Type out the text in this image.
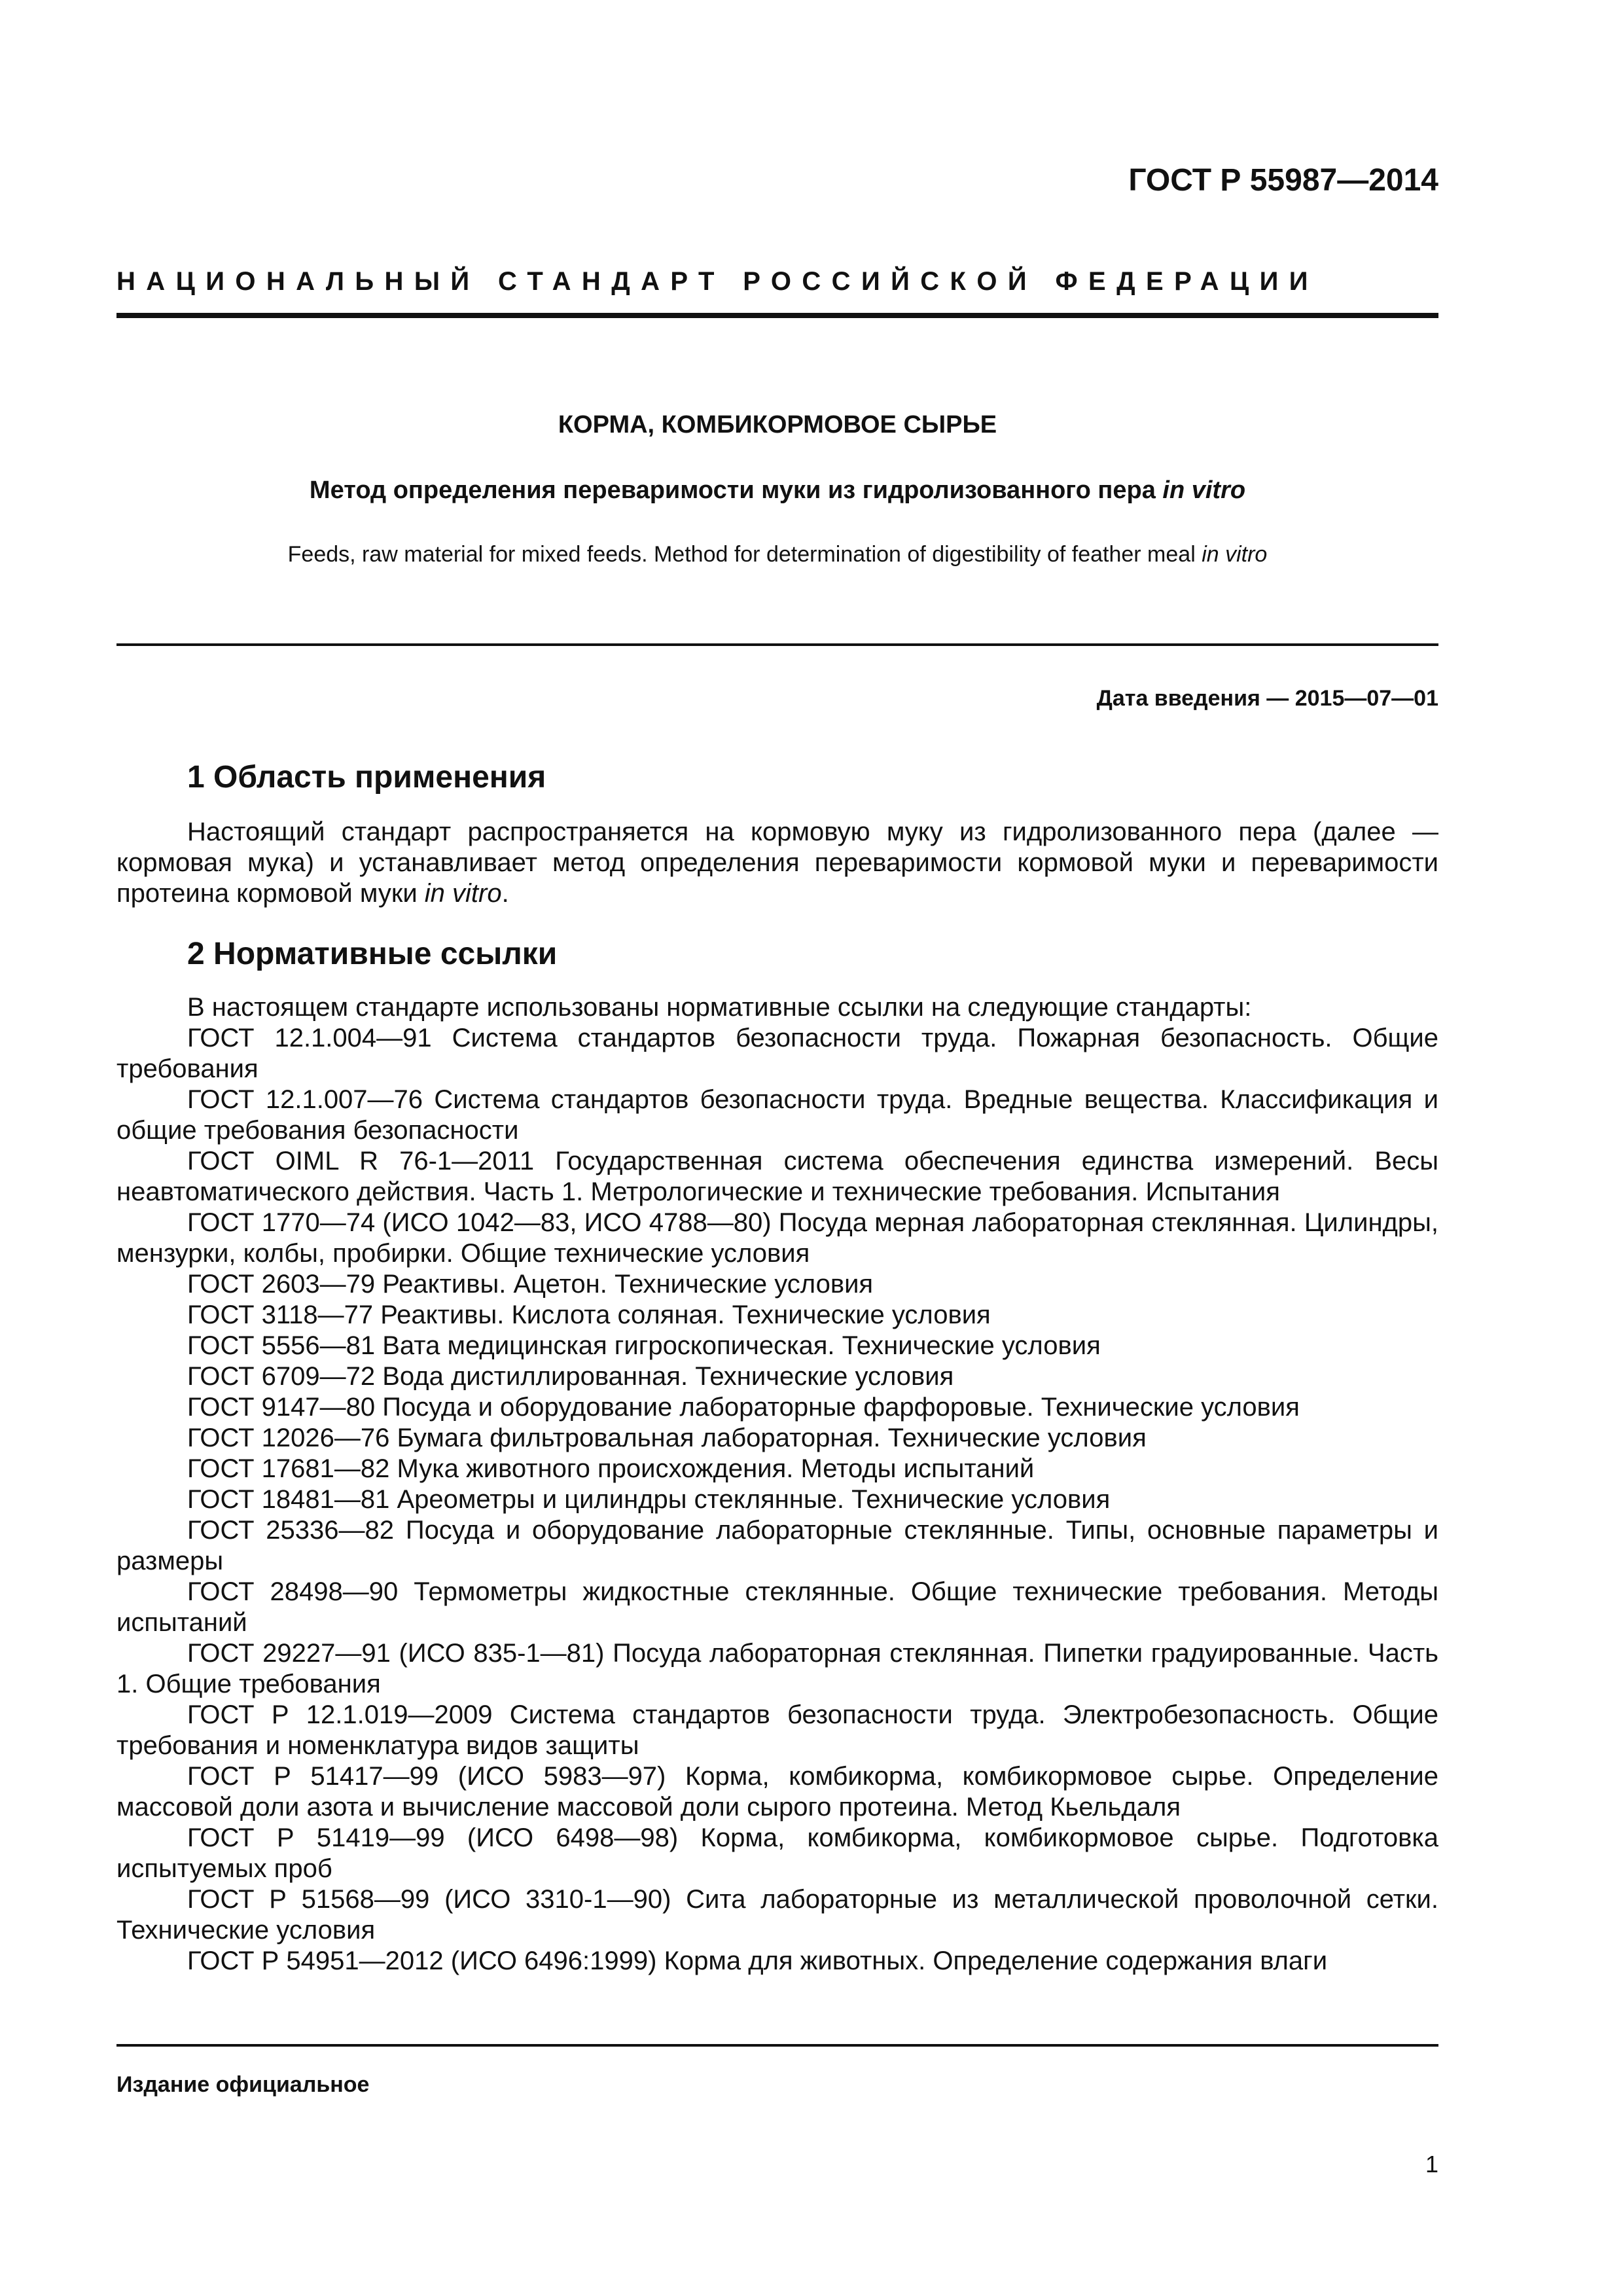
ГОСТ Р 55987—2014
НАЦИОНАЛЬНЫЙ СТАНДАРТ РОССИЙСКОЙ ФЕДЕРАЦИИ
КОРМА, КОМБИКОРМОВОЕ СЫРЬЕ
Метод определения переваримости муки из гидролизованного пера in vitro
Feeds, raw material for mixed feeds. Method for determination of digestibility of feather meal in vitro
Дата введения — 2015—07—01
1 Область применения

Настоящий стандарт распространяется на кормовую муку из гидролизованного пера (далее — кормовая мука) и устанавливает метод определения переваримости кормовой муки и переваримости протеина кормовой муки in vitro.

2 Нормативные ссылки

В настоящем стандарте использованы нормативные ссылки на следующие стандарты:

ГОСТ 12.1.004—91 Система стандартов безопасности труда. Пожарная безопасность. Общие требования

ГОСТ 12.1.007—76 Система стандартов безопасности труда. Вредные вещества. Классификация и общие требования безопасности

ГОСТ OIML R 76-1—2011 Государственная система обеспечения единства измерений. Весы неавтоматического действия. Часть 1. Метрологические и технические требования. Испытания

ГОСТ 1770—74 (ИСО 1042—83, ИСО 4788—80) Посуда мерная лабораторная стеклянная. Цилиндры, мензурки, колбы, пробирки. Общие технические условия

ГОСТ 2603—79 Реактивы. Ацетон. Технические условия

ГОСТ 3118—77 Реактивы. Кислота соляная. Технические условия

ГОСТ 5556—81 Вата медицинская гигроскопическая. Технические условия

ГОСТ 6709—72 Вода дистиллированная. Технические условия

ГОСТ 9147—80 Посуда и оборудование лабораторные фарфоровые. Технические условия

ГОСТ 12026—76 Бумага фильтровальная лабораторная. Технические условия

ГОСТ 17681—82 Мука животного происхождения. Методы испытаний

ГОСТ 18481—81 Ареометры и цилиндры стеклянные. Технические условия

ГОСТ 25336—82 Посуда и оборудование лабораторные стеклянные. Типы, основные параметры и размеры

ГОСТ 28498—90 Термометры жидкостные стеклянные. Общие технические требования. Методы испытаний

ГОСТ 29227—91 (ИСО 835-1—81) Посуда лабораторная стеклянная. Пипетки градуированные. Часть 1. Общие требования

ГОСТ Р 12.1.019—2009 Система стандартов безопасности труда. Электробезопасность. Общие требования и номенклатура видов защиты

ГОСТ Р 51417—99 (ИСО 5983—97) Корма, комбикорма, комбикормовое сырье. Определение массовой доли азота и вычисление массовой доли сырого протеина. Метод Кьельдаля

ГОСТ Р 51419—99 (ИСО 6498—98) Корма, комбикорма, комбикормовое сырье. Подготовка испытуемых проб

ГОСТ Р 51568—99 (ИСО 3310-1—90) Сита лабораторные из металлической проволочной сетки. Технические условия

ГОСТ Р 54951—2012 (ИСО 6496:1999) Корма для животных. Определение содержания влаги

Издание официальное
1
